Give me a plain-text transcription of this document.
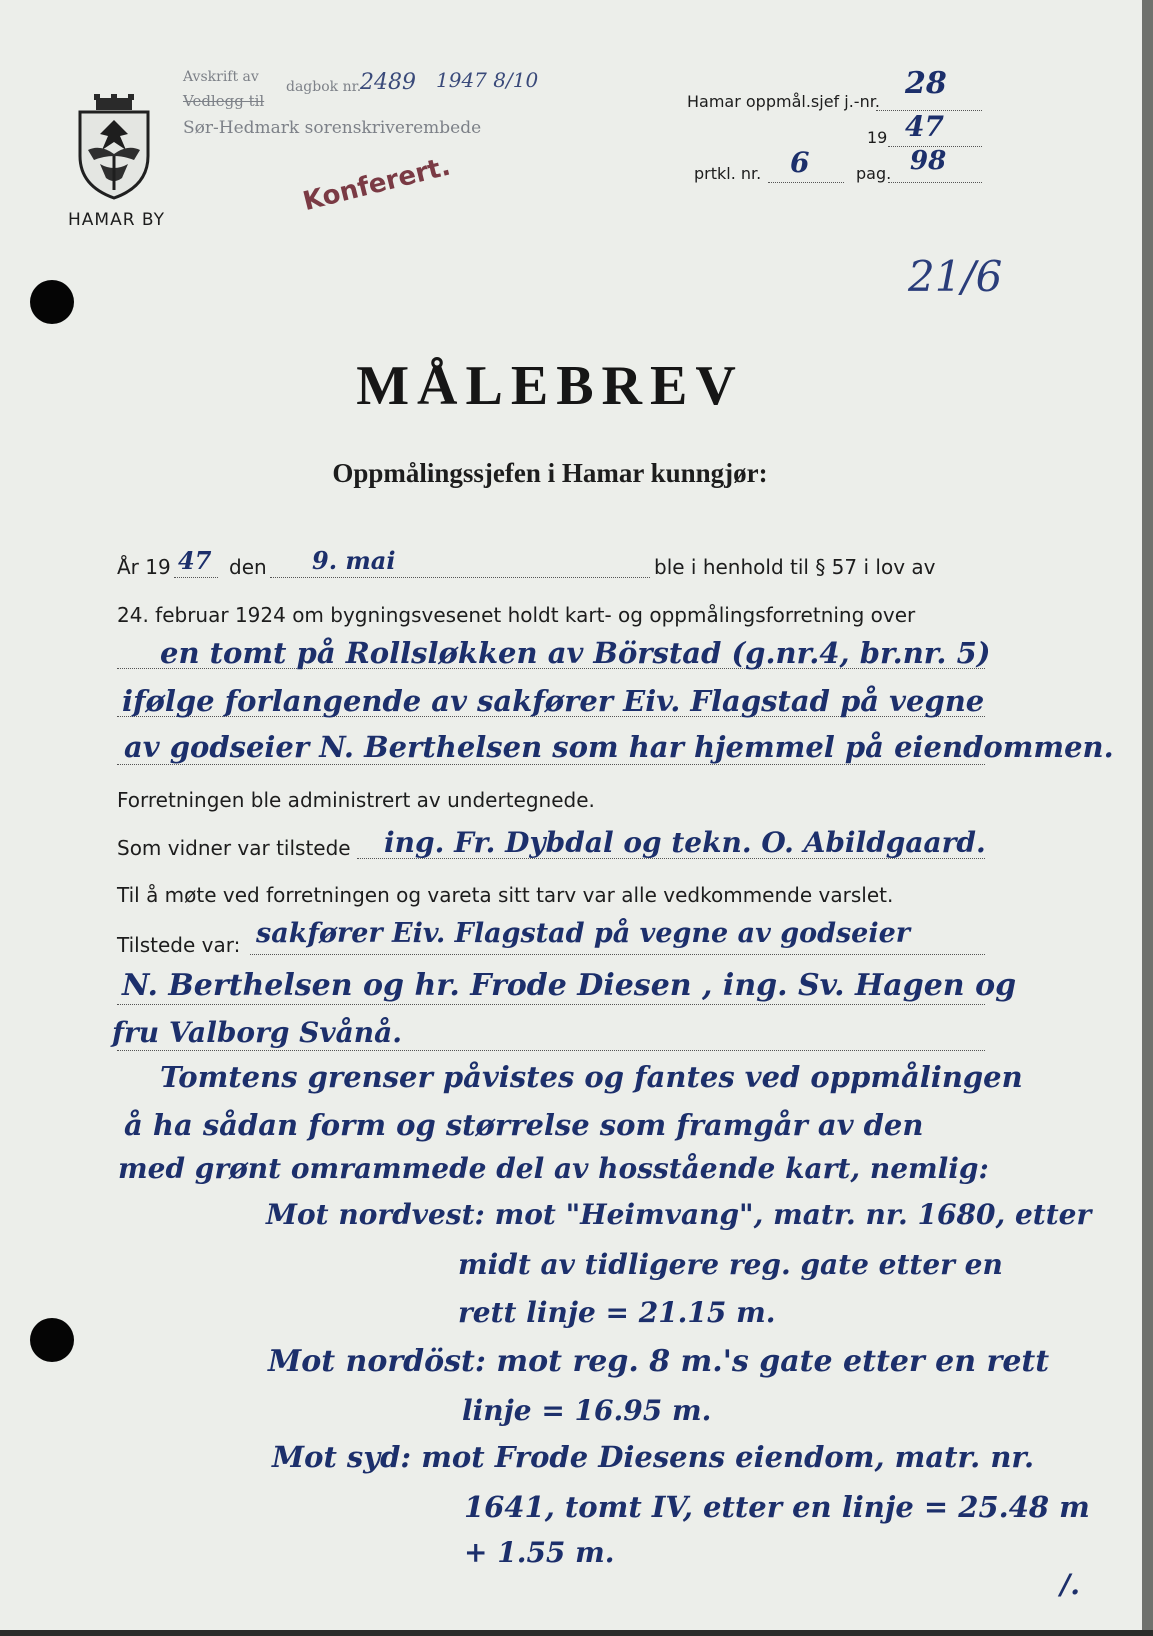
HAMAR BY
Avskrift av
dagbok nr.
2489 1947 8/10
Vedlegg til
Sør-Hedmark sorenskriverembede
Konferert.
Hamar oppmål.sjef j.-nr.
28
19 47
prtkl. nr. 6	pag. 98
21/6
MÅLEBREV
Oppmålingssjefen i Hamar kunngjør:
År 19 47 den 9. mai	ble i henhold til § 57 i lov av
24. februar 1924 om bygningsvesenet holdt kart- og oppmålingsforretning over
en tomt på Rollsløkken av Börstad (g.nr.4, br.nr. 5)
ifølge forlangende av sakfører Eiv. Flagstad på vegne
av godseier N. Berthelsen som har hjemmel på eiendommen.
Forretningen ble administrert av undertegnede.
Som vidner var tilstede ing. Fr. Dybdal og tekn. O. Abildgaard.
Til å møte ved forretningen og vareta sitt tarv var alle vedkommende varslet.
Tilstede var: sakfører Eiv. Flagstad på vegne av godseier
N. Berthelsen og hr. Frode Diesen , ing. Sv. Hagen og
fru Valborg Svånå.
Tomtens grenser påvistes og fantes ved oppmålingen
å ha sådan form og størrelse som framgår av den
med grønt omrammede del av hosstående kart, nemlig:
Mot nordvest: mot "Heimvang", matr. nr. 1680, etter
midt av tidligere reg. gate etter en
rett linje = 21.15 m.
Mot nordöst: mot reg. 8 m.'s gate etter en rett
linje = 16.95 m.
Mot syd: mot Frode Diesens eiendom, matr. nr.
1641, tomt IV, etter en linje = 25.48 m
+ 1.55 m.
/.
